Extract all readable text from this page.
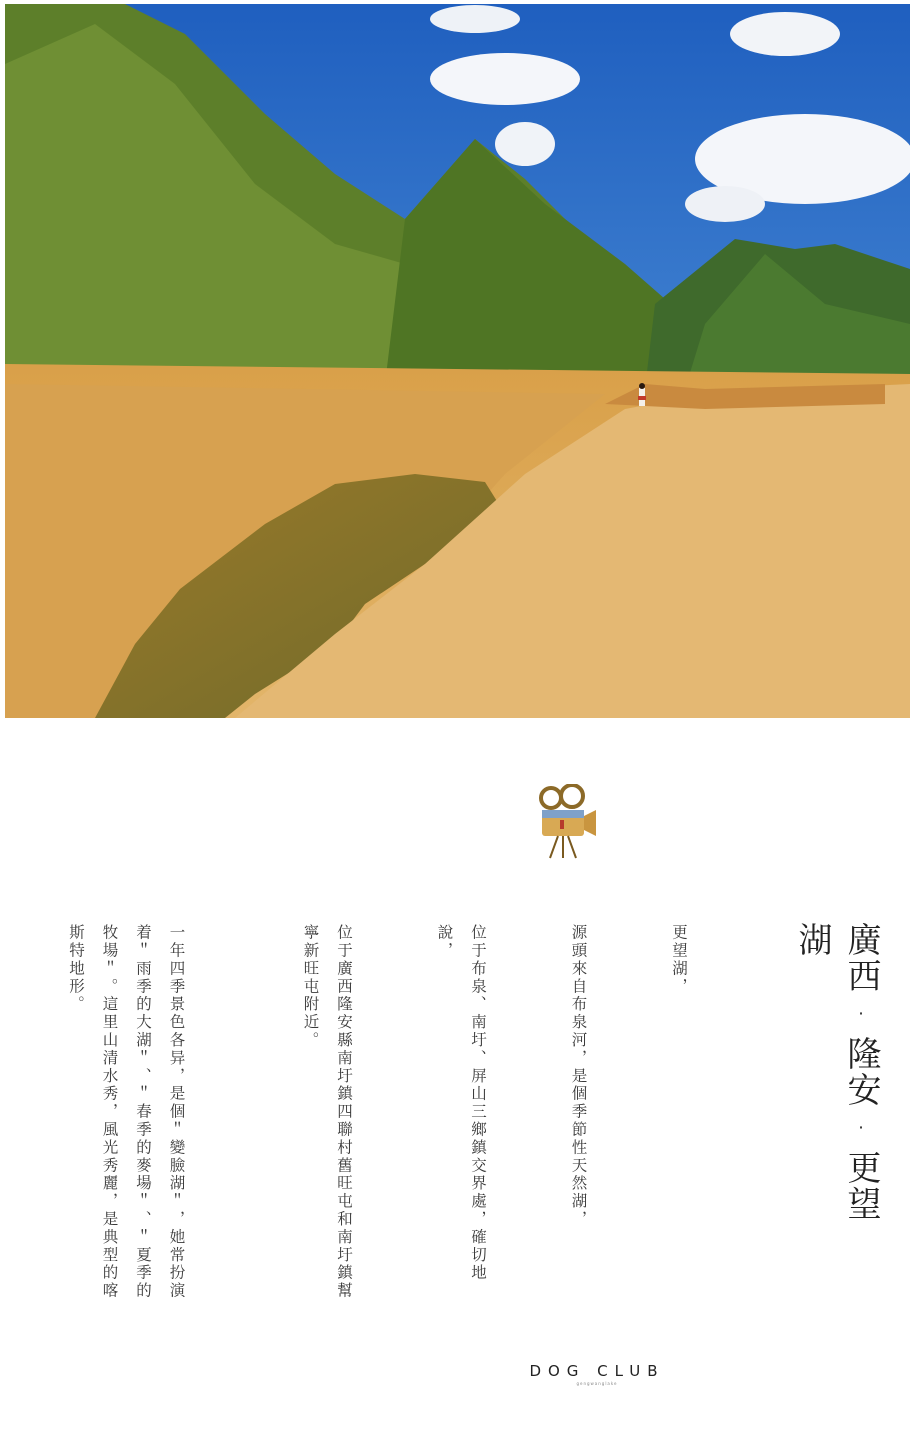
廣西·隆安·更望湖

更望湖，

源頭來自布泉河，是個季節性天然湖，

位于布泉、南圩、屏山三鄉鎮交界處，確切地說，

位于廣西隆安縣南圩鎮四聯村舊旺屯和南圩鎮幫寧新旺屯附近。

一年四季景色各异，是個＂變臉湖＂，她常扮演着＂雨季的大湖＂、＂春季的麥場＂、＂夏季的牧場＂。這里山清水秀，風光秀麗，是典型的喀斯特地形。

DOG CLUB
gengwanglake
